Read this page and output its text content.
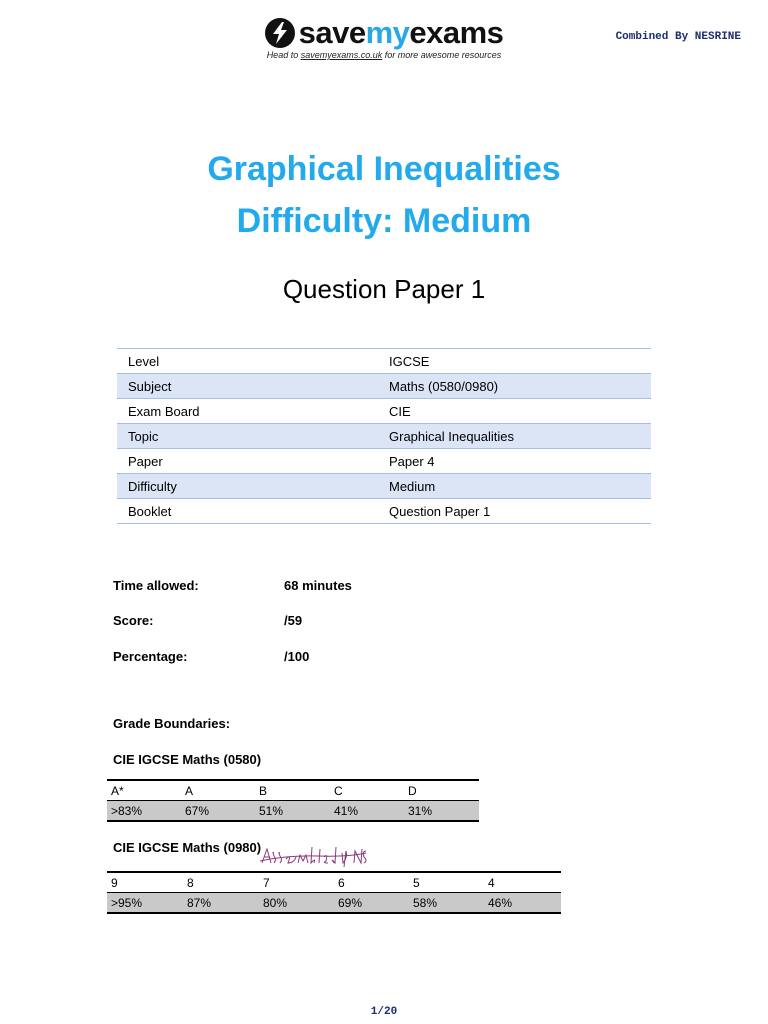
savemyexams
Head to savemyexams.co.uk for more awesome resources
Combined By NESRINE
Graphical Inequalities
Difficulty: Medium
Question Paper 1
Level	IGCSE
Subject	Maths (0580/0980)
Exam Board	CIE
Topic	Graphical Inequalities
Paper	Paper 4
Difficulty	Medium
Booklet	Question Paper 1
Time allowed:	68 minutes
Score:	/59
Percentage:	/100
Grade Boundaries:
CIE IGCSE Maths (0580)
A*	A	B	C	D
>83%	67%	51%	41%	31%
CIE IGCSE Maths (0980)
9	8	7	6	5	4
>95%	87%	80%	69%	58%	46%
1/20
